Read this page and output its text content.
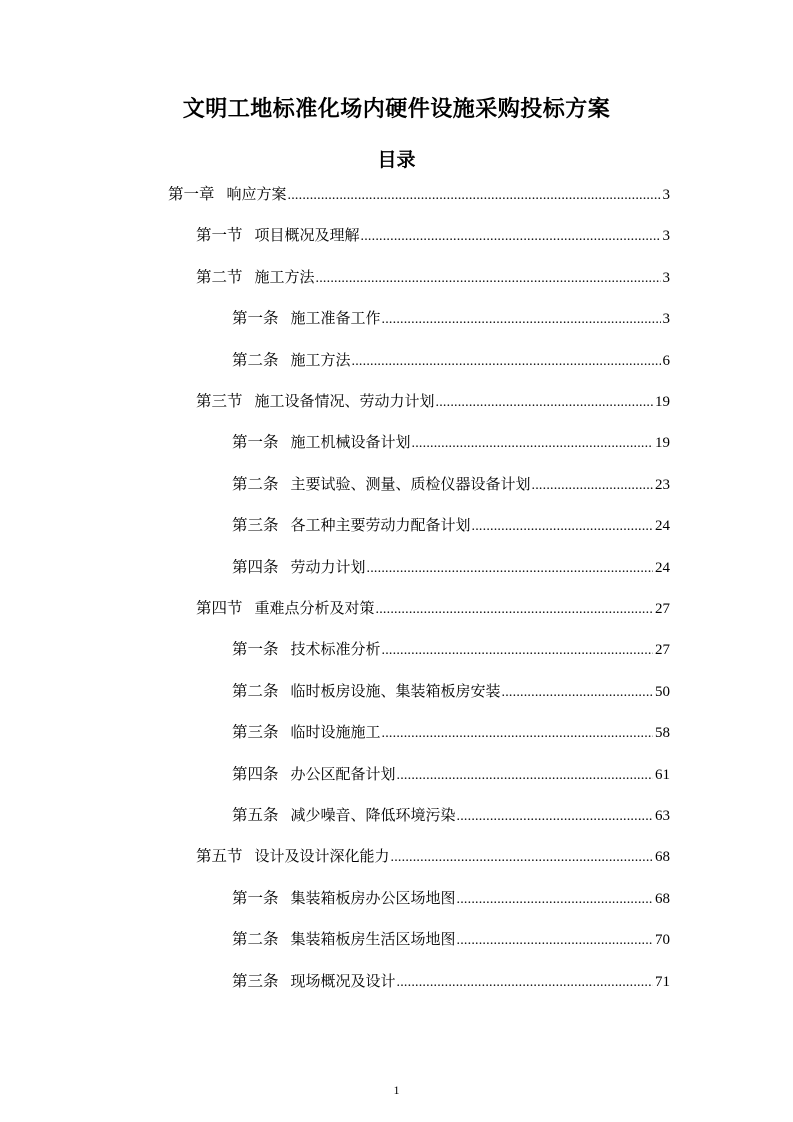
文明工地标准化场内硬件设施采购投标方案
目录
第一章 响应方案 .....	3
第一节 项目概况及理解 .....	3
第二节 施工方法 .....	3
第一条 施工准备工作 .....	3
第二条 施工方法 .....	6
第三节 施工设备情况、劳动力计划 .....	19
第一条 施工机械设备计划 .....	19
第二条 主要试验、测量、质检仪器设备计划 .....	23
第三条 各工种主要劳动力配备计划 .....	24
第四条 劳动力计划 .....	24
第四节 重难点分析及对策 .....	27
第一条 技术标准分析 .....	27
第二条 临时板房设施、集装箱板房安装 .....	50
第三条 临时设施施工 .....	58
第四条 办公区配备计划 .....	61
第五条 减少噪音、降低环境污染 .....	63
第五节 设计及设计深化能力 .....	68
第一条 集装箱板房办公区场地图 .....	68
第二条 集装箱板房生活区场地图 .....	70
第三条 现场概况及设计 .....	71
1
